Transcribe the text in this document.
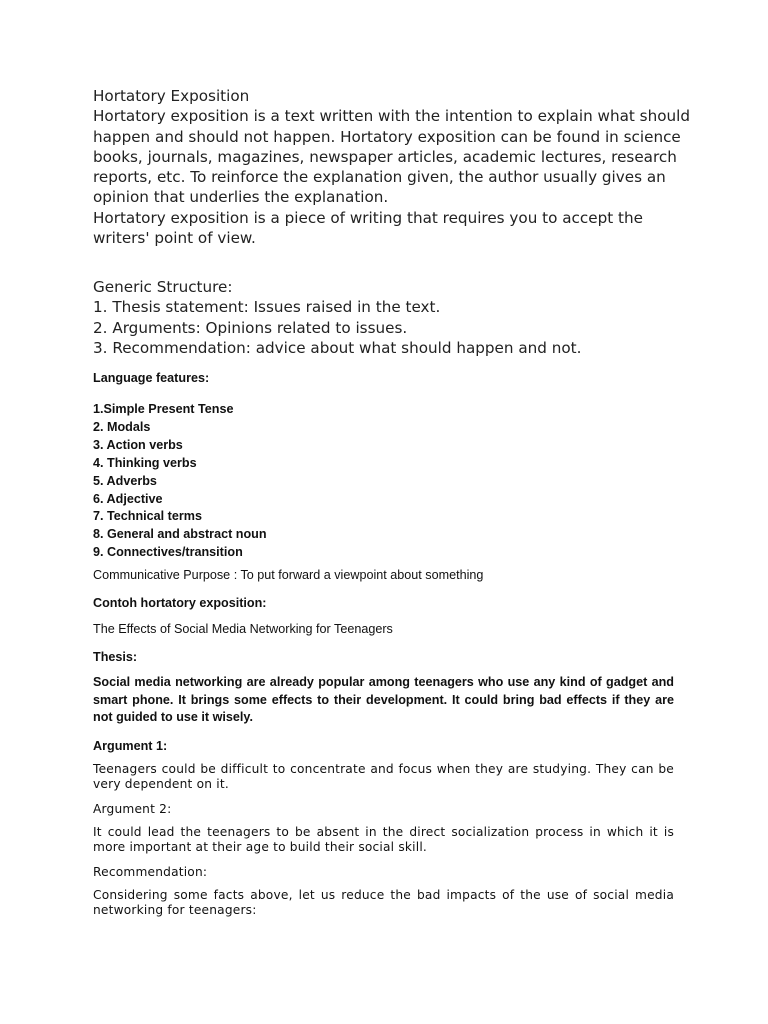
Hortatory Exposition

Hortatory exposition is a text written with the intention to explain what should happen and should not happen. Hortatory exposition can be found in science books, journals, magazines, newspaper articles, academic lectures, research reports, etc. To reinforce the explanation given, the author usually gives an opinion that underlies the explanation.

Hortatory exposition is a piece of writing that requires you to accept the writers' point of view.

Generic Structure:

1. Thesis statement: Issues raised in the text.

2. Arguments: Opinions related to issues.

3. Recommendation: advice about what should happen and not.

Language features:

1.Simple Present Tense
2. Modals
3. Action verbs
4. Thinking verbs
5. Adverbs
6. Adjective
7. Technical terms
8. General and abstract noun
9. Connectives/transition

Communicative Purpose : To put forward a viewpoint about something

Contoh hortatory exposition:

The Effects of Social Media Networking for Teenagers

Thesis:

Social media networking are already popular among teenagers who use any kind of gadget and smart phone. It brings some effects to their development. It could bring bad effects if they are not guided to use it wisely.

Argument 1:

Teenagers could be difficult to concentrate and focus when they are studying. They can be very dependent on it.

Argument 2:

It could lead the teenagers to be absent in the direct socialization process in which it is more important at their age to build their social skill.

Recommendation:

Considering some facts above, let us reduce the bad impacts of the use of social media networking for teenagers:
